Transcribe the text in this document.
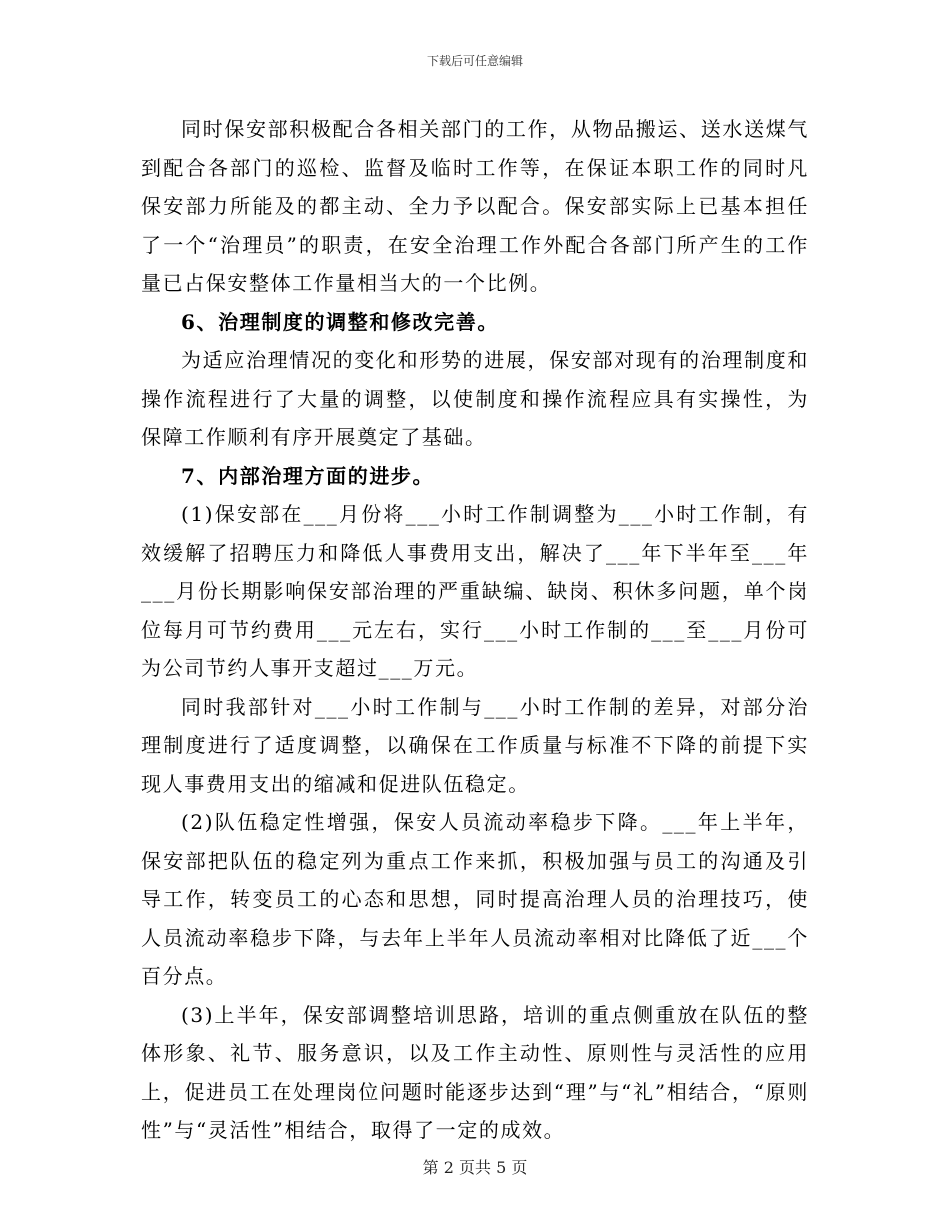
下载后可任意编辑

同时保安部积极配合各相关部门的工作，从物品搬运、送水送煤气到配合各部门的巡检、监督及临时工作等，在保证本职工作的同时凡保安部力所能及的都主动、全力予以配合。保安部实际上已基本担任了一个“治理员”的职责，在安全治理工作外配合各部门所产生的工作量已占保安整体工作量相当大的一个比例。

6、治理制度的调整和修改完善。

为适应治理情况的变化和形势的进展，保安部对现有的治理制度和操作流程进行了大量的调整，以使制度和操作流程应具有实操性，为保障工作顺利有序开展奠定了基础。

7、内部治理方面的进步。

(1)保安部在___月份将___小时工作制调整为___小时工作制，有效缓解了招聘压力和降低人事费用支出，解决了___年下半年至___年___月份长期影响保安部治理的严重缺编、缺岗、积休多问题，单个岗位每月可节约费用___元左右，实行___小时工作制的___至___月份可为公司节约人事开支超过___万元。

同时我部针对___小时工作制与___小时工作制的差异，对部分治理制度进行了适度调整，以确保在工作质量与标准不下降的前提下实现人事费用支出的缩减和促进队伍稳定。

(2)队伍稳定性增强，保安人员流动率稳步下降。___年上半年，保安部把队伍的稳定列为重点工作来抓，积极加强与员工的沟通及引导工作，转变员工的心态和思想，同时提高治理人员的治理技巧，使人员流动率稳步下降，与去年上半年人员流动率相对比降低了近___个百分点。

(3)上半年，保安部调整培训思路，培训的重点侧重放在队伍的整体形象、礼节、服务意识，以及工作主动性、原则性与灵活性的应用上，促进员工在处理岗位问题时能逐步达到“理”与“礼”相结合，“原则性”与“灵活性”相结合，取得了一定的成效。

第 2 页共 5 页
